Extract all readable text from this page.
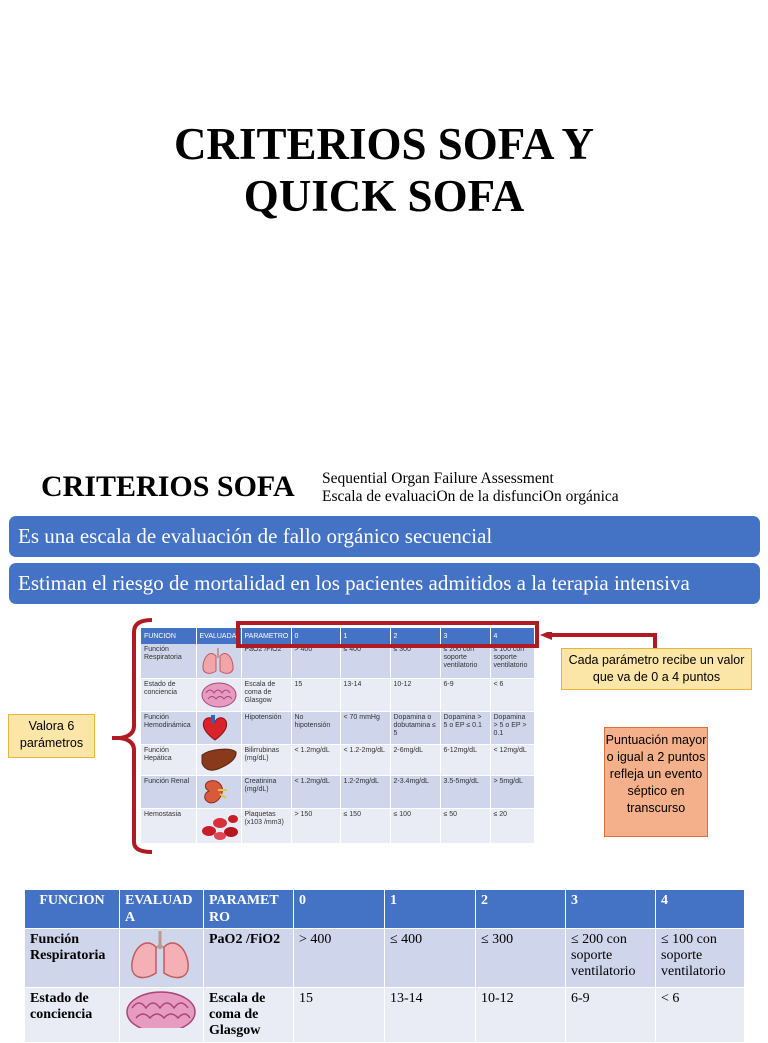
CRITERIOS SOFA Y
QUICK SOFA
CRITERIOS SOFA Sequential Organ Failure Assessment
Escala de evaluaciOn de la disfunciOn orgánica
Es una escala de evaluación de fallo orgánico secuencial
Estiman el riesgo de mortalidad en los pacientes admitidos a la terapia intensiva
FUNCION	EVALUADA	PARAMETRO	0	1	2	3	4
Función Respiratoria		PaO2 /FiO2	> 400	≤ 400	≤ 300	≤ 200 con soporte ventilatorio	≤ 100 con soporte ventilatorio
Estado de conciencia		Escala de coma de Glasgow	15	13-14	10-12	6-9	< 6
Función Hemodinámica		Hipotensión	No hipotensión	< 70 mmHg	Dopamina o dobutamina ≤ 5	Dopamina > 5 o EP ≤ 0.1	Dopamina > 5 o EP > 0.1
Función Hepática		Bilirrubinas (mg/dL)	< 1.2mg/dL	< 1.2-2mg/dL	2-6mg/dL	6-12mg/dL	< 12mg/dL
Función Renal		Creatinina (mg/dL)	< 1.2mg/dL	1.2-2mg/dL	2-3.4mg/dL	3.5-5mg/dL	> 5mg/dL
Hemostasia		Plaquetas (x103 /mm3)	> 150	≤ 150	≤ 100	≤ 50	≤ 20
Valora 6 parámetros
Cada parámetro recibe un valor que va de 0 a 4 puntos
Puntuación mayor o igual a 2 puntos refleja un evento séptico en transcurso
FUNCION	EVALUADA	PARAMETRO	0	1	2	3	4
Función Respiratoria		PaO2 /FiO2	> 400	≤ 400	≤ 300	≤ 200 con soporte ventilatorio	≤ 100 con soporte ventilatorio
Estado de conciencia		Escala de coma de Glasgow	15	13-14	10-12	6-9	< 6
